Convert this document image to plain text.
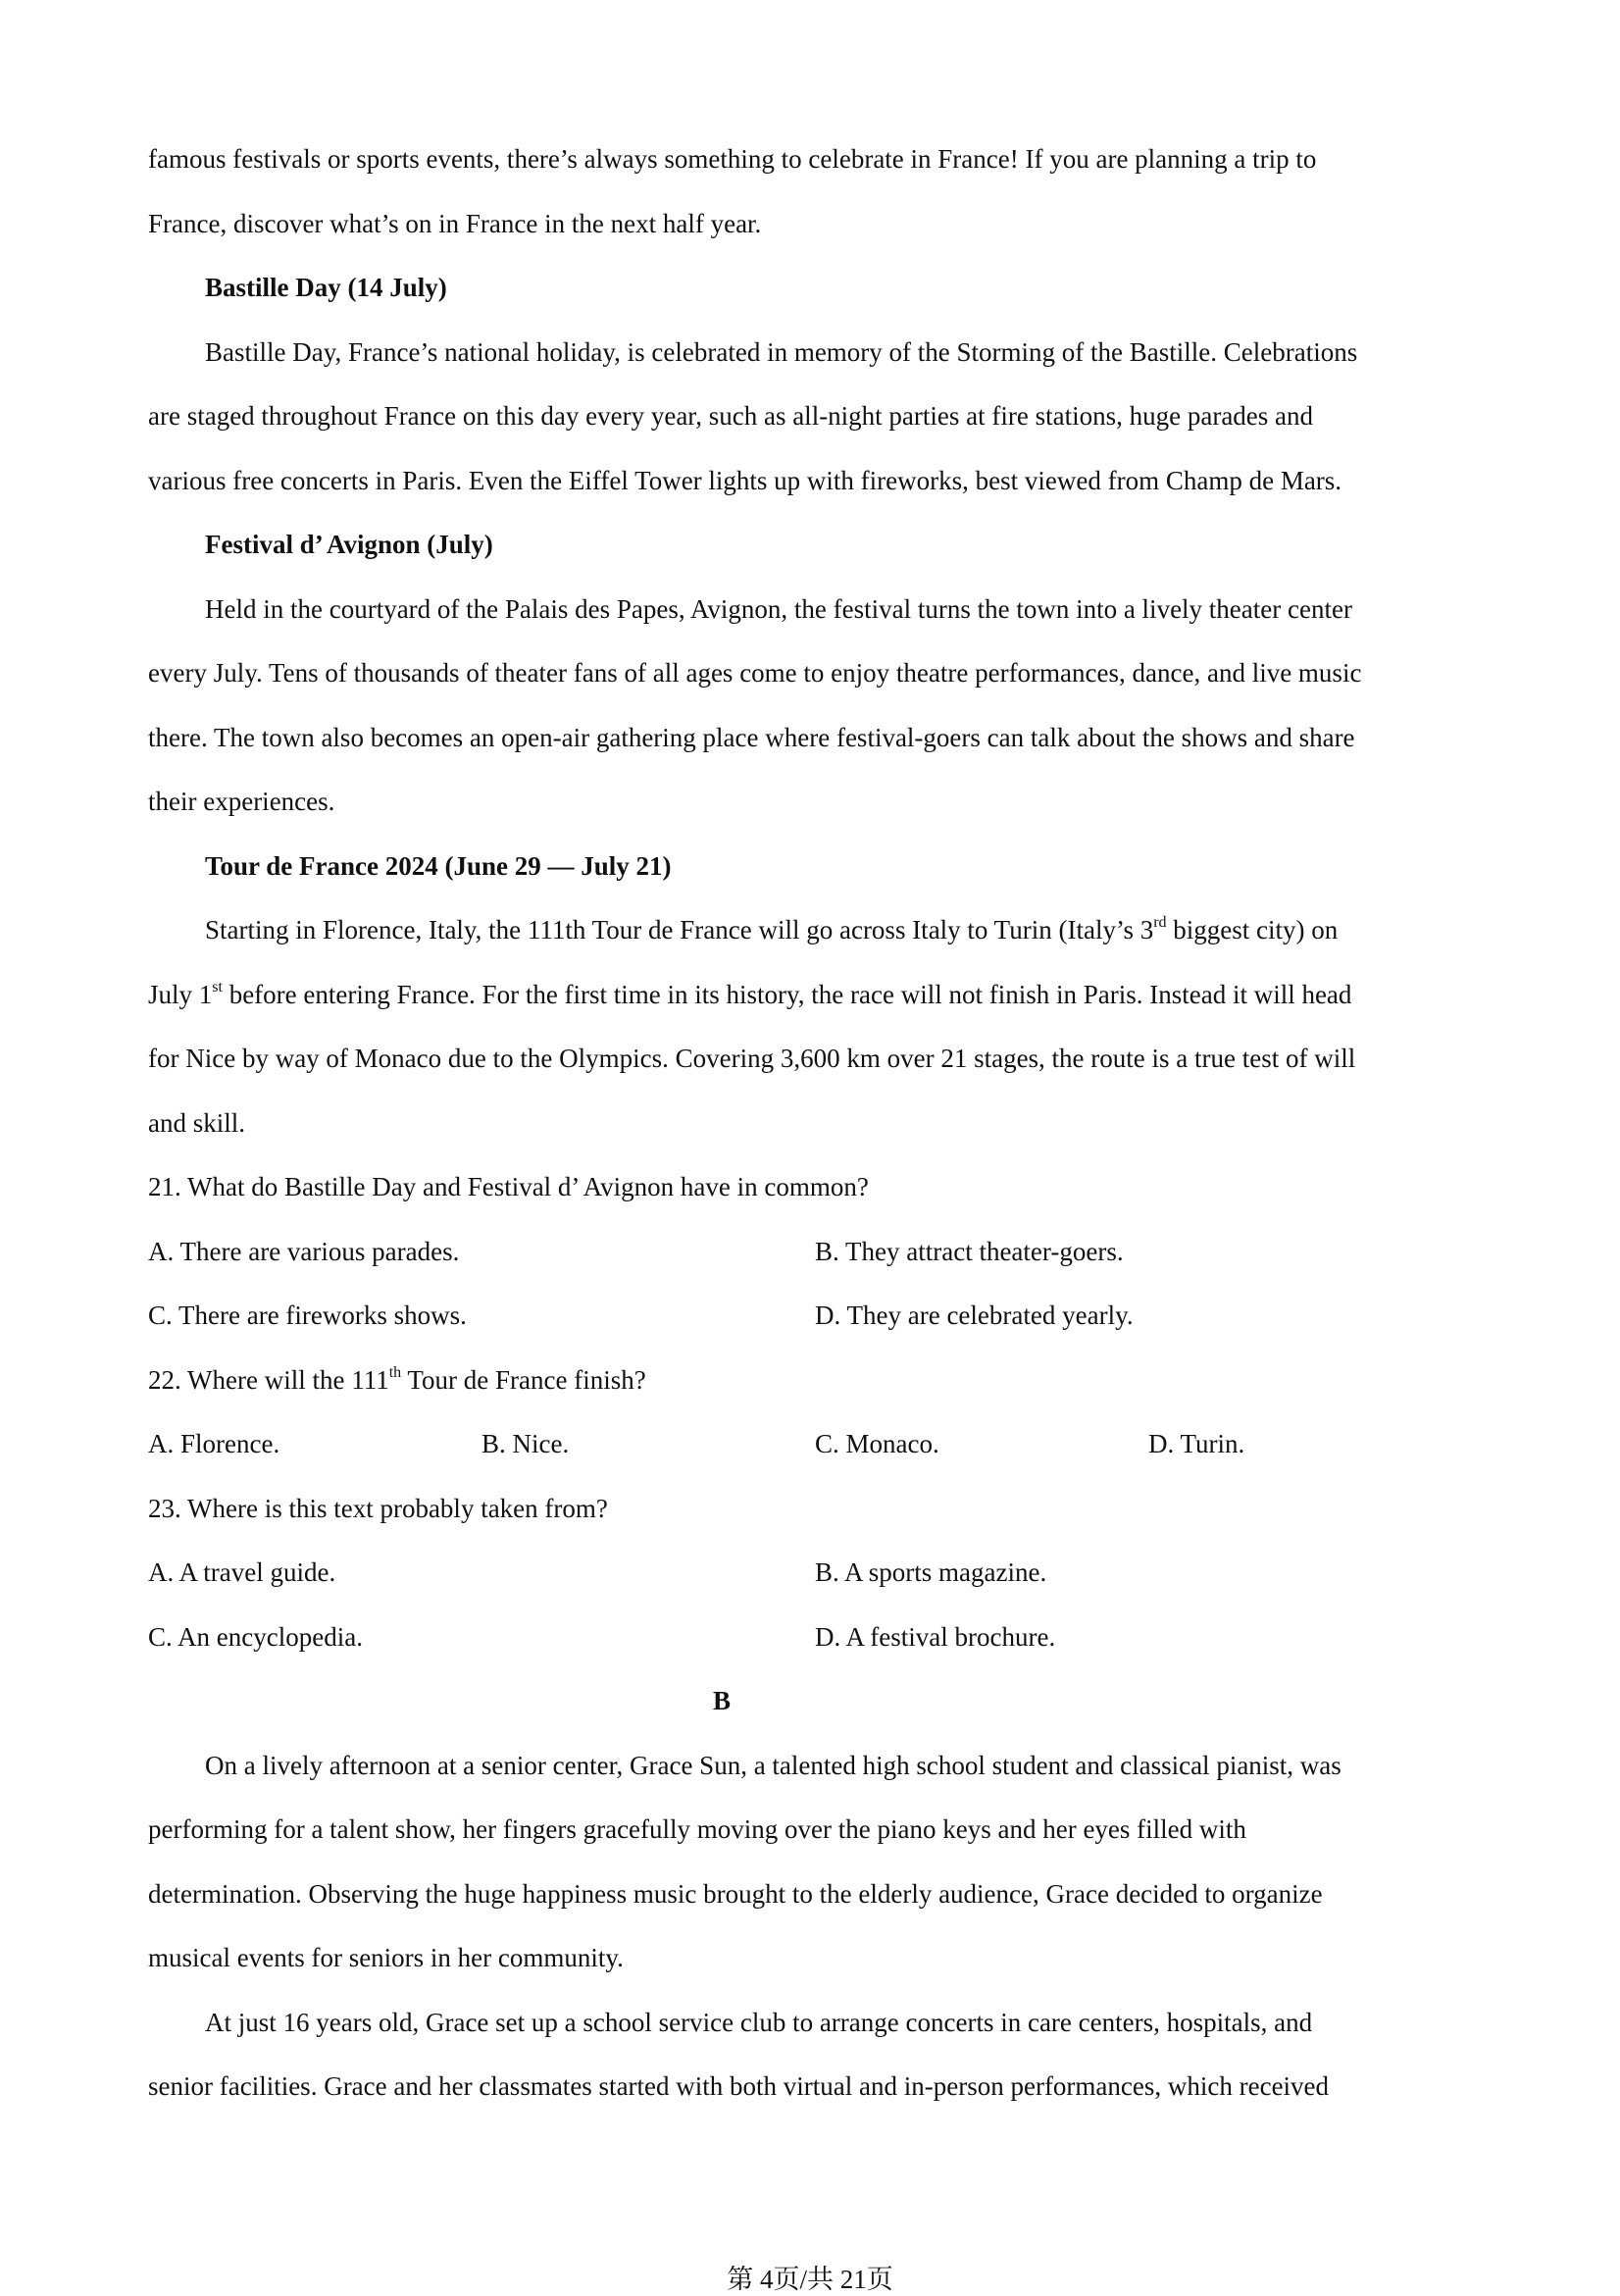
famous festivals or sports events, there’s always something to celebrate in France! If you are planning a trip to
France, discover what’s on in France in the next half year.
Bastille Day (14 July)
Bastille Day, France’s national holiday, is celebrated in memory of the Storming of the Bastille. Celebrations
are staged throughout France on this day every year, such as all-night parties at fire stations, huge parades and
various free concerts in Paris. Even the Eiffel Tower lights up with fireworks, best viewed from Champ de Mars.
Festival d’ Avignon (July)
Held in the courtyard of the Palais des Papes, Avignon, the festival turns the town into a lively theater center
every July. Tens of thousands of theater fans of all ages come to enjoy theatre performances, dance, and live music
there. The town also becomes an open-air gathering place where festival-goers can talk about the shows and share
their experiences.
Tour de France 2024 (June 29 — July 21)
Starting in Florence, Italy, the 111th Tour de France will go across Italy to Turin (Italy’s 3rd biggest city) on
July 1st before entering France. For the first time in its history, the race will not finish in Paris. Instead it will head
for Nice by way of Monaco due to the Olympics. Covering 3,600 km over 21 stages, the route is a true test of will
and skill.
21. What do Bastille Day and Festival d’ Avignon have in common?
A. There are various parades.	B. They attract theater-goers.
C. There are fireworks shows.	D. They are celebrated yearly.
22. Where will the 111th Tour de France finish?
A. Florence.	B. Nice.	C. Monaco.	D. Turin.
23. Where is this text probably taken from?
A. A travel guide.	B. A sports magazine.
C. An encyclopedia.	D. A festival brochure.
B
On a lively afternoon at a senior center, Grace Sun, a talented high school student and classical pianist, was
performing for a talent show, her fingers gracefully moving over the piano keys and her eyes filled with
determination. Observing the huge happiness music brought to the elderly audience, Grace decided to organize
musical events for seniors in her community.
At just 16 years old, Grace set up a school service club to arrange concerts in care centers, hospitals, and
senior facilities. Grace and her classmates started with both virtual and in-person performances, which received
第 4页/共 21页
